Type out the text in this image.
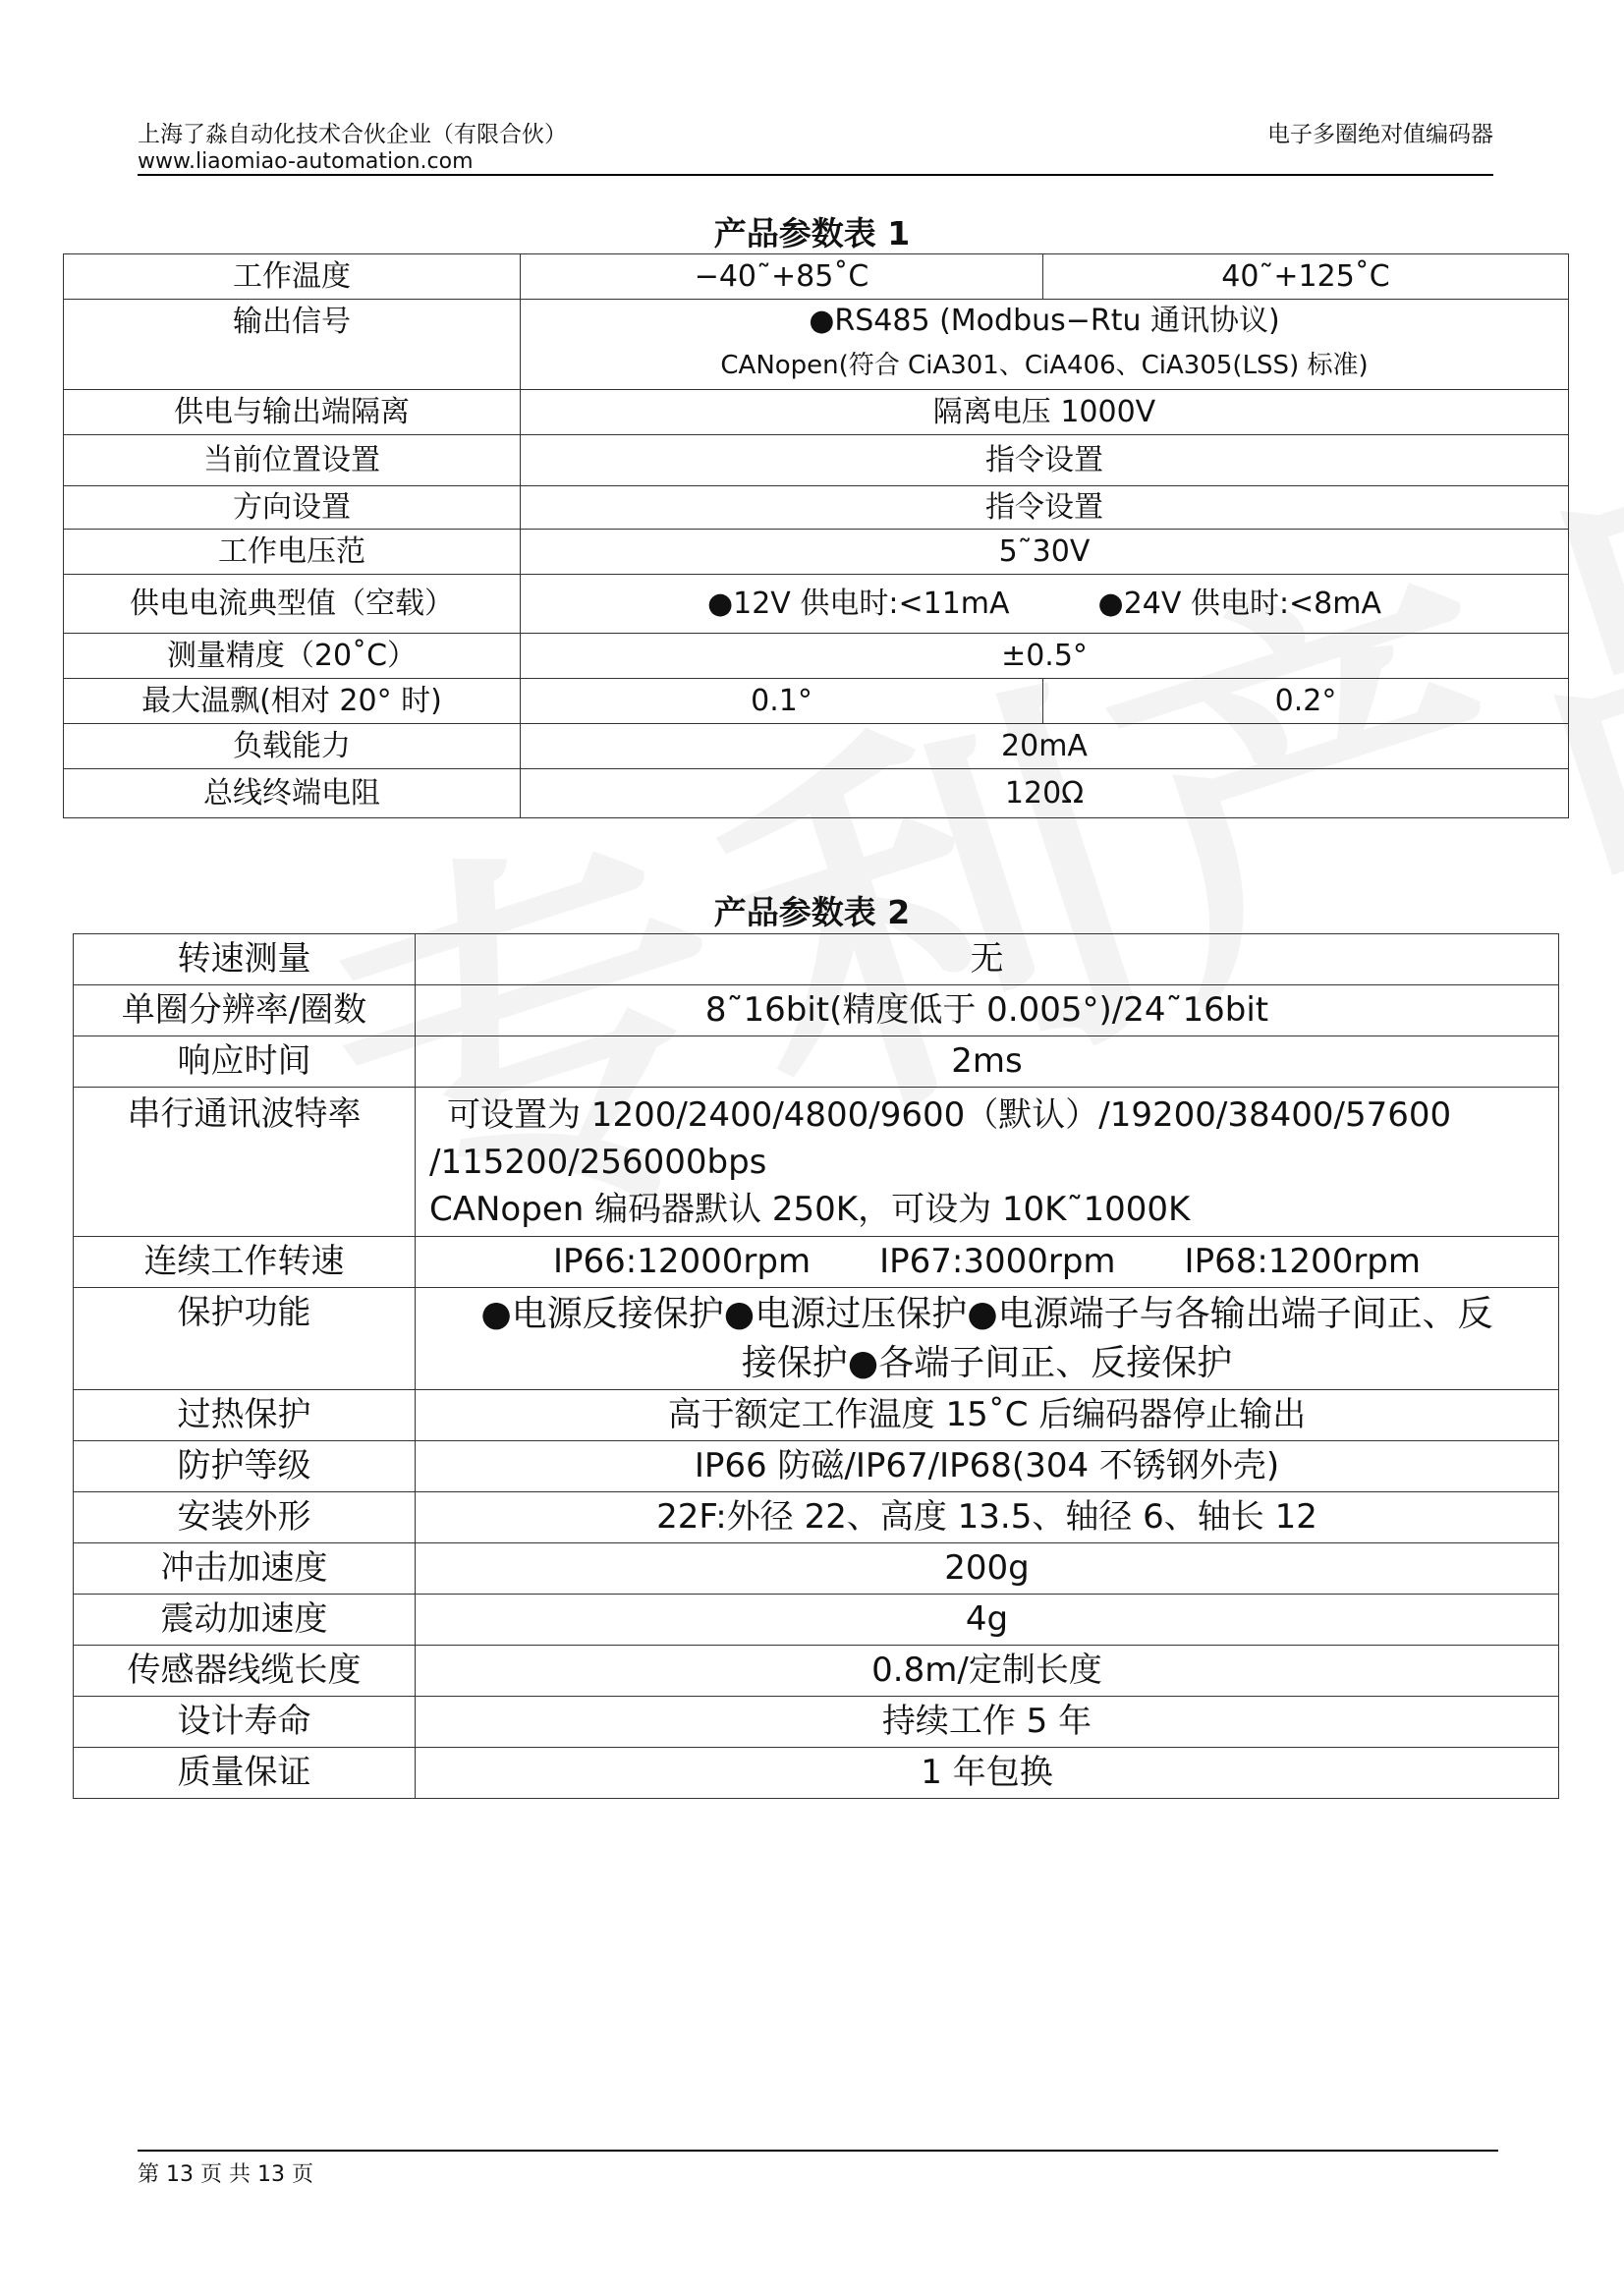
上海了淼自动化技术合伙企业（有限合伙）
www.liaomiao-automation.com
电子多圈绝对值编码器
产品参数表 1
工作温度	−40˜+85˚C	40˜+125˚C
输出信号	●RS485 (Modbus−Rtu 通讯协议)
CANopen(符合 CiA301、CiA406、CiA305(LSS) 标准)	

供电与输出端隔离	隔离电压 1000V	
当前位置设置	指令设置	
方向设置	指令设置	
工作电压范	5˜30V	
供电电流典型值（空载）	●12V 供电时:<11mA ●24V 供电时:<8mA	
测量精度（20˚C）	±0.5°	
最大温飘(相对 20° 时)	0.1°	0.2°
负载能力	20mA	
总线终端电阻	120Ω	
产品参数表 2
转速测量	无
单圈分辨率/圈数	8˜16bit(精度低于 0.005°)/24˜16bit
响应时间	2ms
串行通讯波特率	可设置为 1200/2400/4800/9600（默认）/19200/38400/57600
/115200/256000bps
CANopen 编码器默认 250K，可设为 10K˜1000K

连续工作转速	IP66:12000rpm IP67:3000rpm IP68:1200rpm
保护功能	●电源反接保护●电源过压保护●电源端子与各输出端子间正、反
接保护●各端子间正、反接保护

过热保护	高于额定工作温度 15˚C 后编码器停止输出
防护等级	IP66 防磁/IP67/IP68(304 不锈钢外壳)
安装外形	22F:外径 22、高度 13.5、轴径 6、轴长 12
冲击加速度	200g
震动加速度	4g
传感器线缆长度	0.8m/定制长度
设计寿命	持续工作 5 年
质量保证	1 年包换
第 13 页 共 13 页
